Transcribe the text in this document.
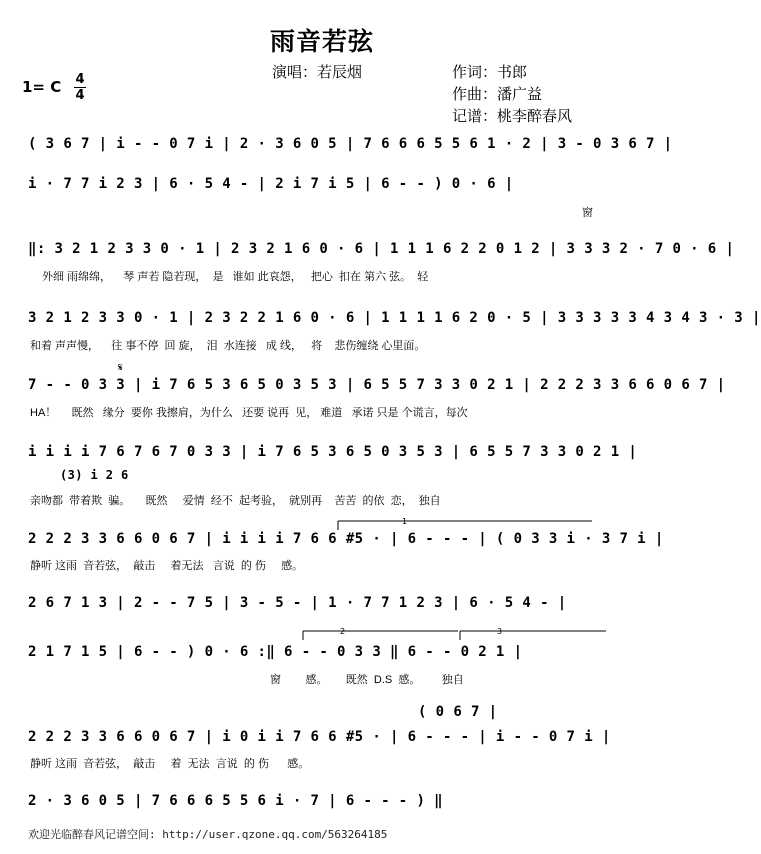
雨音若弦
演唱：若辰烟	作词：书郎
作曲：潘广益
记谱：桃李醉春风
1= C $\frac{4}{4}$
( 3 6 7 | i - - 0 7 i | 2 · 3 6 0 5 | 7 6 6 6 5 5 6 1 · 2 | 3 - 0 3 6 7 |
i · 7 7 i 2 3 | 6 · 5 4 - | 2 i 7 i 5 | 6 - - ) 0 · 6 |
窗
‖: 3 2 1 2 3 3 0 · 1 | 2 3 2 1 6 0 · 6 | 1 1 1 6 2 2 0 1 2 | 3 3 3 2 · 7 0 · 6 |
外细 雨绵绵，    琴 声若 隐若现，  是   谁如 此哀怨，   把心  扣在 第六 弦。  轻
3 2 1 2 3 3 0 · 1 | 2 3 2 2 1 6 0 · 6 | 1 1 1 1 6 2 0 · 5 | 3 3 3 3 3 4 3 4 3 · 3 |
和着 声声慢，    往 事不停  回 旋，  泪  水连接   成 线，   将    悲伤缠绕 心里面。
7 - - 0 3 3 | i 7 6 5 3 6 5 0 3 5 3 | 6 5 5 7 3 3 0 2 1 | 2 2 2 3 3 6 6 0 6 7 |
HA！     既然   缘分  要你 我擦肩，为什么   还要 说再  见， 难道   承诺 只是 个谎言，每次
i i i i 7 6 7 6 7 0 3 3 | i 7 6 5 3 6 5 0 3 5 3 | 6 5 5 7 3 3 0 2 1 |
(3) i 2 6
亲吻都  带着欺  骗。     既然     爱情  经不  起考验，  就别再    苦苦  的依  恋，  独自
2 2 2 3 3 6 6 0 6 7 | i i i i 7 6 6 #5 · | 6 - - - | ( 0 3 3 i · 3 7 i |
静听 这雨  音若弦，  敲击     着无法   言说  的 伤     感。
2 6 7 1 3 | 2 - - 7 5 | 3 - 5 - | 1 · 7 7 1 2 3 | 6 · 5 4 - |
2 1 7 1 5 | 6 - - ) 0 · 6 :‖ 6 - - 0 3 3 ‖ 6 - - 0 2 1 |
窗        感。      既然  D.S  感。       独自
( 0 6 7 |
2 2 2 3 3 6 6 0 6 7 | i 0 i i 7 6 6 #5 · | 6 - - - | i - - 0 7 i |
静听 这雨  音若弦，  敲击     着  无法  言说  的 伤      感。
2 · 3 6 0 5 | 7 6 6 6 5 5 6 i · 7 | 6 - - - ) ‖
1
2	3
𝄋
欢迎光临醉春风记谱空间: http://user.qzone.qq.com/563264185
